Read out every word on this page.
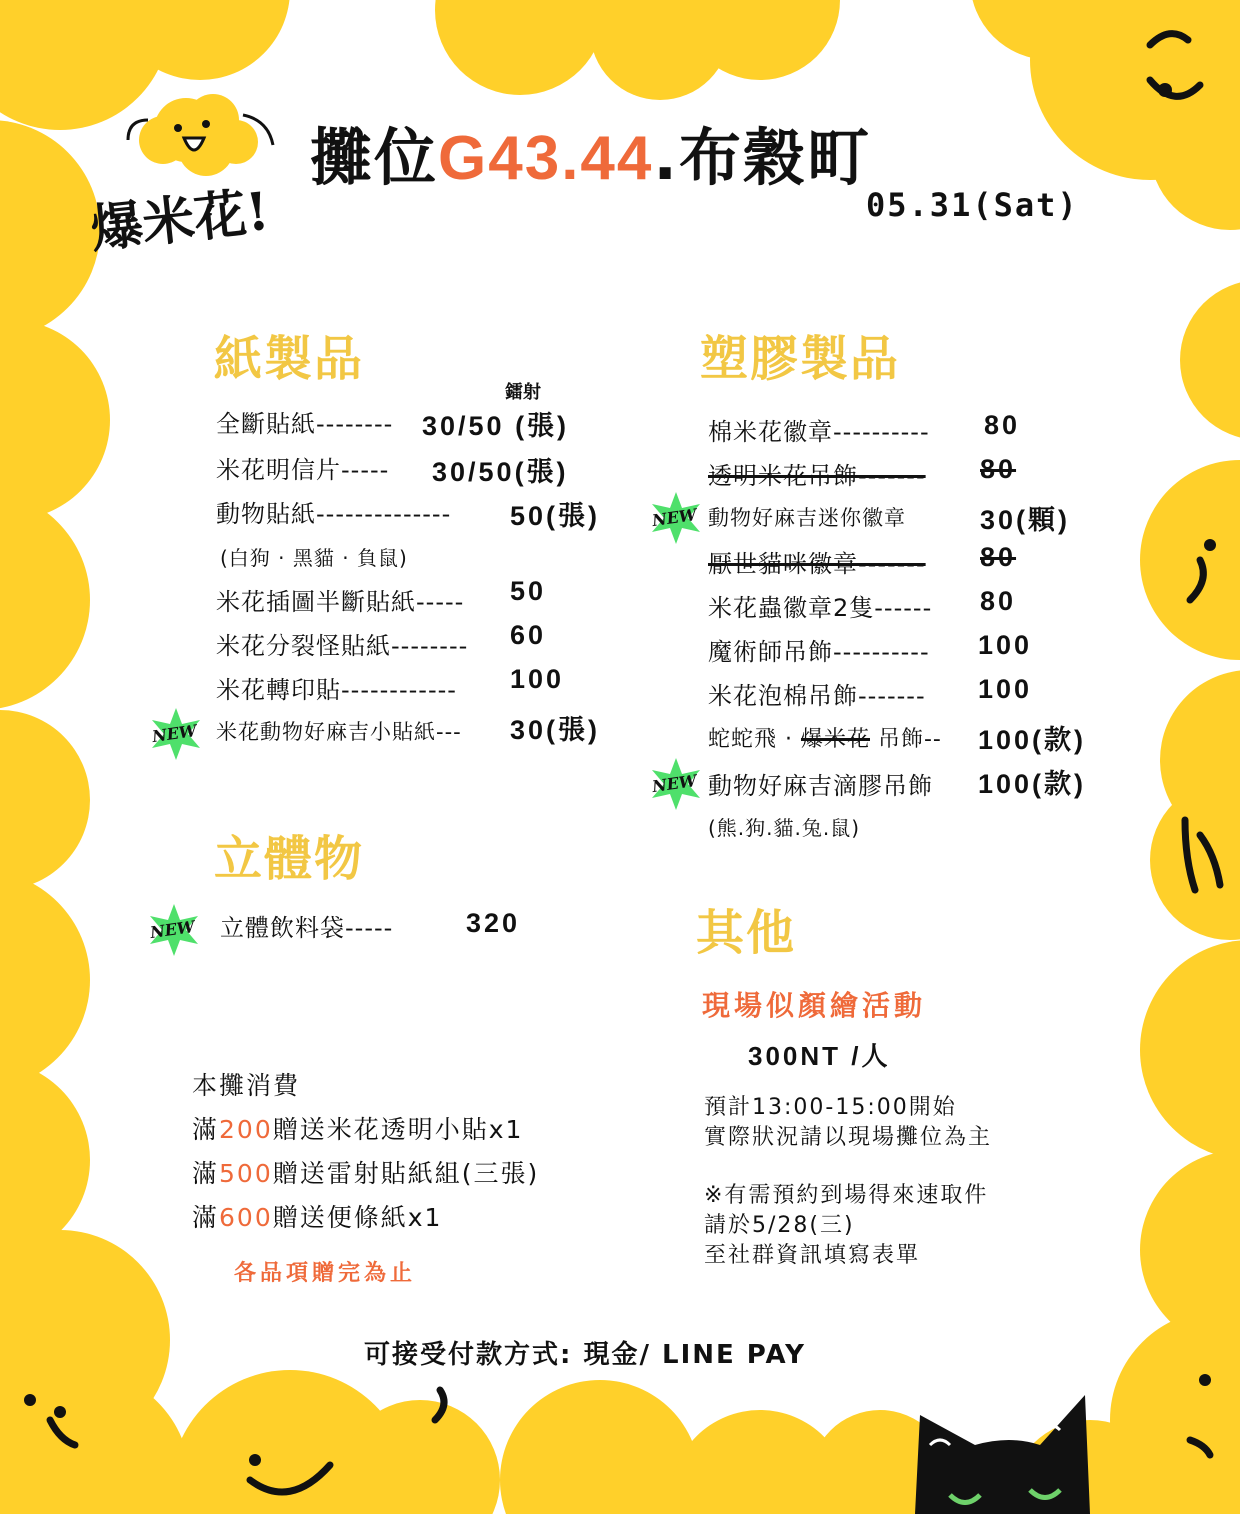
爆米花!
攤位G43.44.布穀町
05.31(Sat)
紙製品
鐳射
全斷貼紙-------- 30/50 (張)
米花明信片----- 30/50(張)
動物貼紙-------------- 50(張)
(白狗 · 黑貓 · 負鼠)
米花插圖半斷貼紙----- 50
米花分裂怪貼紙-------- 60
米花轉印貼------------ 100
米花動物好麻吉小貼紙--- 30(張)
NEW
立體物
NEW 立體飲料袋-----	320
塑膠製品
棉米花徽章---------- 80
透明米花吊飾------- 80
NEW 動物好麻吉迷你徽章	30(顆)
厭世貓咪徽章------- 80
米花蟲徽章2隻------ 80
魔術師吊飾---------- 100
米花泡棉吊飾------- 100
蛇蛇飛 · 爆米花 吊飾-- 100(款)
NEW 動物好麻吉滴膠吊飾 100(款)
(熊.狗.貓.兔.鼠)
其他
現場似顏繪活動
300NT /人
預計13:00-15:00開始
實際狀況請以現場攤位為主
※有需預約到場得來速取件
請於5/28(三)
至社群資訊填寫表單
本攤消費
滿200贈送米花透明小貼x1
滿500贈送雷射貼紙組(三張)
滿600贈送便條紙x1
各品項贈完為止
可接受付款方式: 現金/ LINE PAY
